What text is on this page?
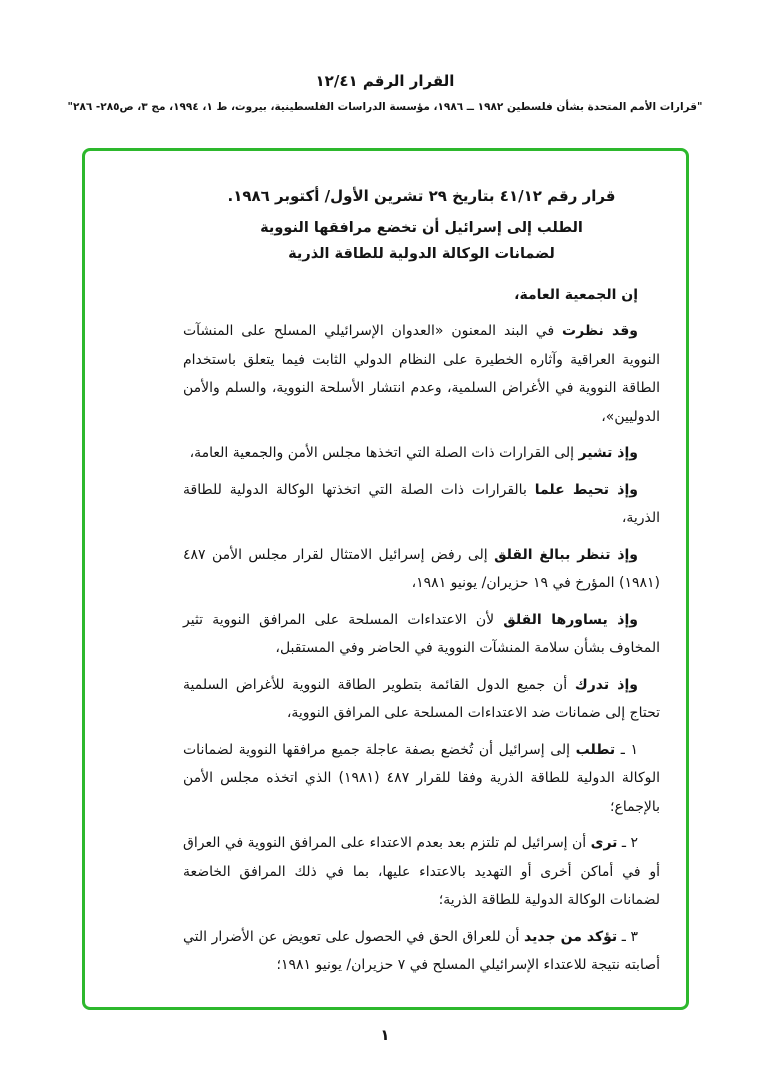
القرار الرقم ١٢/٤١
"قرارات الأمم المتحدة بشأن فلسطين ١٩٨٢ ــ ١٩٨٦، مؤسسة الدراسات الفلسطينية، بيروت، ط ١، ١٩٩٤، مج ٣، ص٢٨٥- ٢٨٦"
قرار رقم ٤١/١٢ بتاريخ ٢٩ تشرين الأول/ أكتوبر ١٩٨٦.
الطلب إلى إسرائيل أن تخضع مرافقها النووية
لضمانات الوكالة الدولية للطاقة الذرية

إن الجمعية العامة،

وقد نظرت في البند المعنون «العدوان الإسرائيلي المسلح على المنشآت النووية العراقية وآثاره الخطيرة على النظام الدولي الثابت فيما يتعلق باستخدام الطاقة النووية في الأغراض السلمية، وعدم انتشار الأسلحة النووية، والسلم والأمن الدوليين»،

وإذ تشير إلى القرارات ذات الصلة التي اتخذها مجلس الأمن والجمعية العامة،

وإذ تحيط علما بالقرارات ذات الصلة التي اتخذتها الوكالة الدولية للطاقة الذرية،

وإذ تنظر ببالغ القلق إلى رفض إسرائيل الامتثال لقرار مجلس الأمن ٤٨٧ (١٩٨١) المؤرخ في ١٩ حزيران/ يونيو ١٩٨١،

وإذ يساورها القلق لأن الاعتداءات المسلحة على المرافق النووية تثير المخاوف بشأن سلامة المنشآت النووية في الحاضر وفي المستقبل،

وإذ تدرك أن جميع الدول القائمة بتطوير الطاقة النووية للأغراض السلمية تحتاج إلى ضمانات ضد الاعتداءات المسلحة على المرافق النووية،

١ ـ تطلب إلى إسرائيل أن تُخضع بصفة عاجلة جميع مرافقها النووية لضمانات الوكالة الدولية للطاقة الذرية وفقا للقرار ٤٨٧ (١٩٨١) الذي اتخذه مجلس الأمن بالإجماع؛

٢ ـ ترى أن إسرائيل لم تلتزم بعد بعدم الاعتداء على المرافق النووية في العراق أو في أماكن أخرى أو التهديد بالاعتداء عليها، بما في ذلك المرافق الخاضعة لضمانات الوكالة الدولية للطاقة الذرية؛

٣ ـ تؤكد من جديد أن للعراق الحق في الحصول على تعويض عن الأضرار التي أصابته نتيجة للاعتداء الإسرائيلي المسلح في ٧ حزيران/ يونيو ١٩٨١؛

١
